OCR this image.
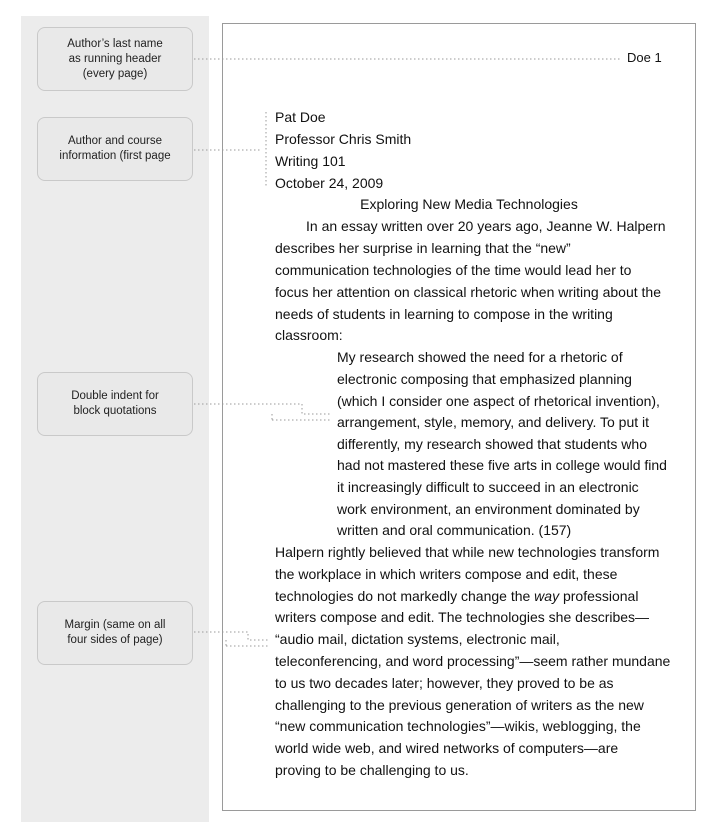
Author’s last name
as running header
(every page)
Author and course
information (first page
Double indent for
block quotations
Margin (same on all
four sides of page)
Doe 1
Pat Doe
Professor Chris Smith
Writing 101
October 24, 2009
Exploring New Media Technologies
In an essay written over 20 years ago, Jeanne W. Halpern
describes her surprise in learning that the “new”
communication technologies of the time would lead her to
focus her attention on classical rhetoric when writing about the
needs of students in learning to compose in the writing
classroom:
My research showed the need for a rhetoric of
electronic composing that emphasized planning
(which I consider one aspect of rhetorical invention),
arrangement, style, memory, and delivery. To put it
differently, my research showed that students who
had not mastered these five arts in college would find
it increasingly difficult to succeed in an electronic
work environment, an environment dominated by
written and oral communication. (157)
Halpern rightly believed that while new technologies transform
the workplace in which writers compose and edit, these
technologies do not markedly change the way professional
writers compose and edit. The technologies she describes—
“audio mail, dictation systems, electronic mail,
teleconferencing, and word processing”—seem rather mundane
to us two decades later; however, they proved to be as
challenging to the previous generation of writers as the new
“new communication technologies”—wikis, weblogging, the
world wide web, and wired networks of computers—are
proving to be challenging to us.
